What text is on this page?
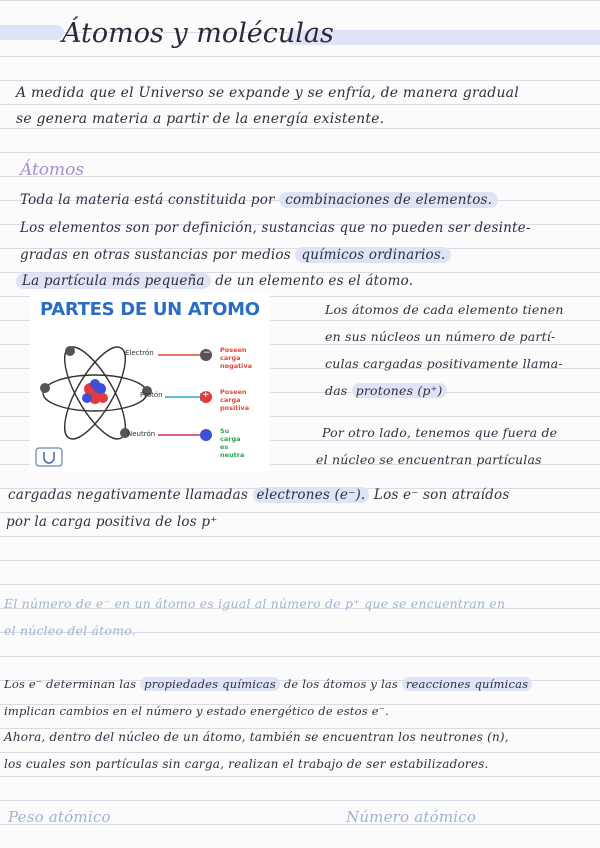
Átomos y moléculas
A medida que el Universo se expande y se enfría, de manera gradual
se genera materia a partir de la energía existente.
Átomos
Toda la materia está constituida por combinaciones de elementos.
Los elementos son por definición, sustancias que no pueden ser desinte-
gradas en otras sustancias por medios químicos ordinarios.
La partícula más pequeña de un elemento es el átomo.
PARTES DE UN ATOMO
Electrón	− Poseen carga negativa
Protón	+ Poseen carga positiva
Neutrón	Su carga es neutra
Los átomos de cada elemento tienen
en sus núcleos un número de partí-
culas cargadas positivamente llama-
das protones (p⁺)
Por otro lado, tenemos que fuera de
el núcleo se encuentran partículas
cargadas negativamente llamadas electrones (e⁻). Los e⁻ son atraídos
por la carga positiva de los p⁺
El número de e⁻ en un átomo es igual al número de p⁺ que se encuentran en
el núcleo del átomo.
Los e⁻ determinan las propiedades químicas de los átomos y las reacciones químicas
implican cambios en el número y estado energético de estos e⁻.
Ahora, dentro del núcleo de un átomo, también se encuentran los neutrones (n),
los cuales son partículas sin carga, realizan el trabajo de ser estabilizadores.
Peso atómico	Número atómico
